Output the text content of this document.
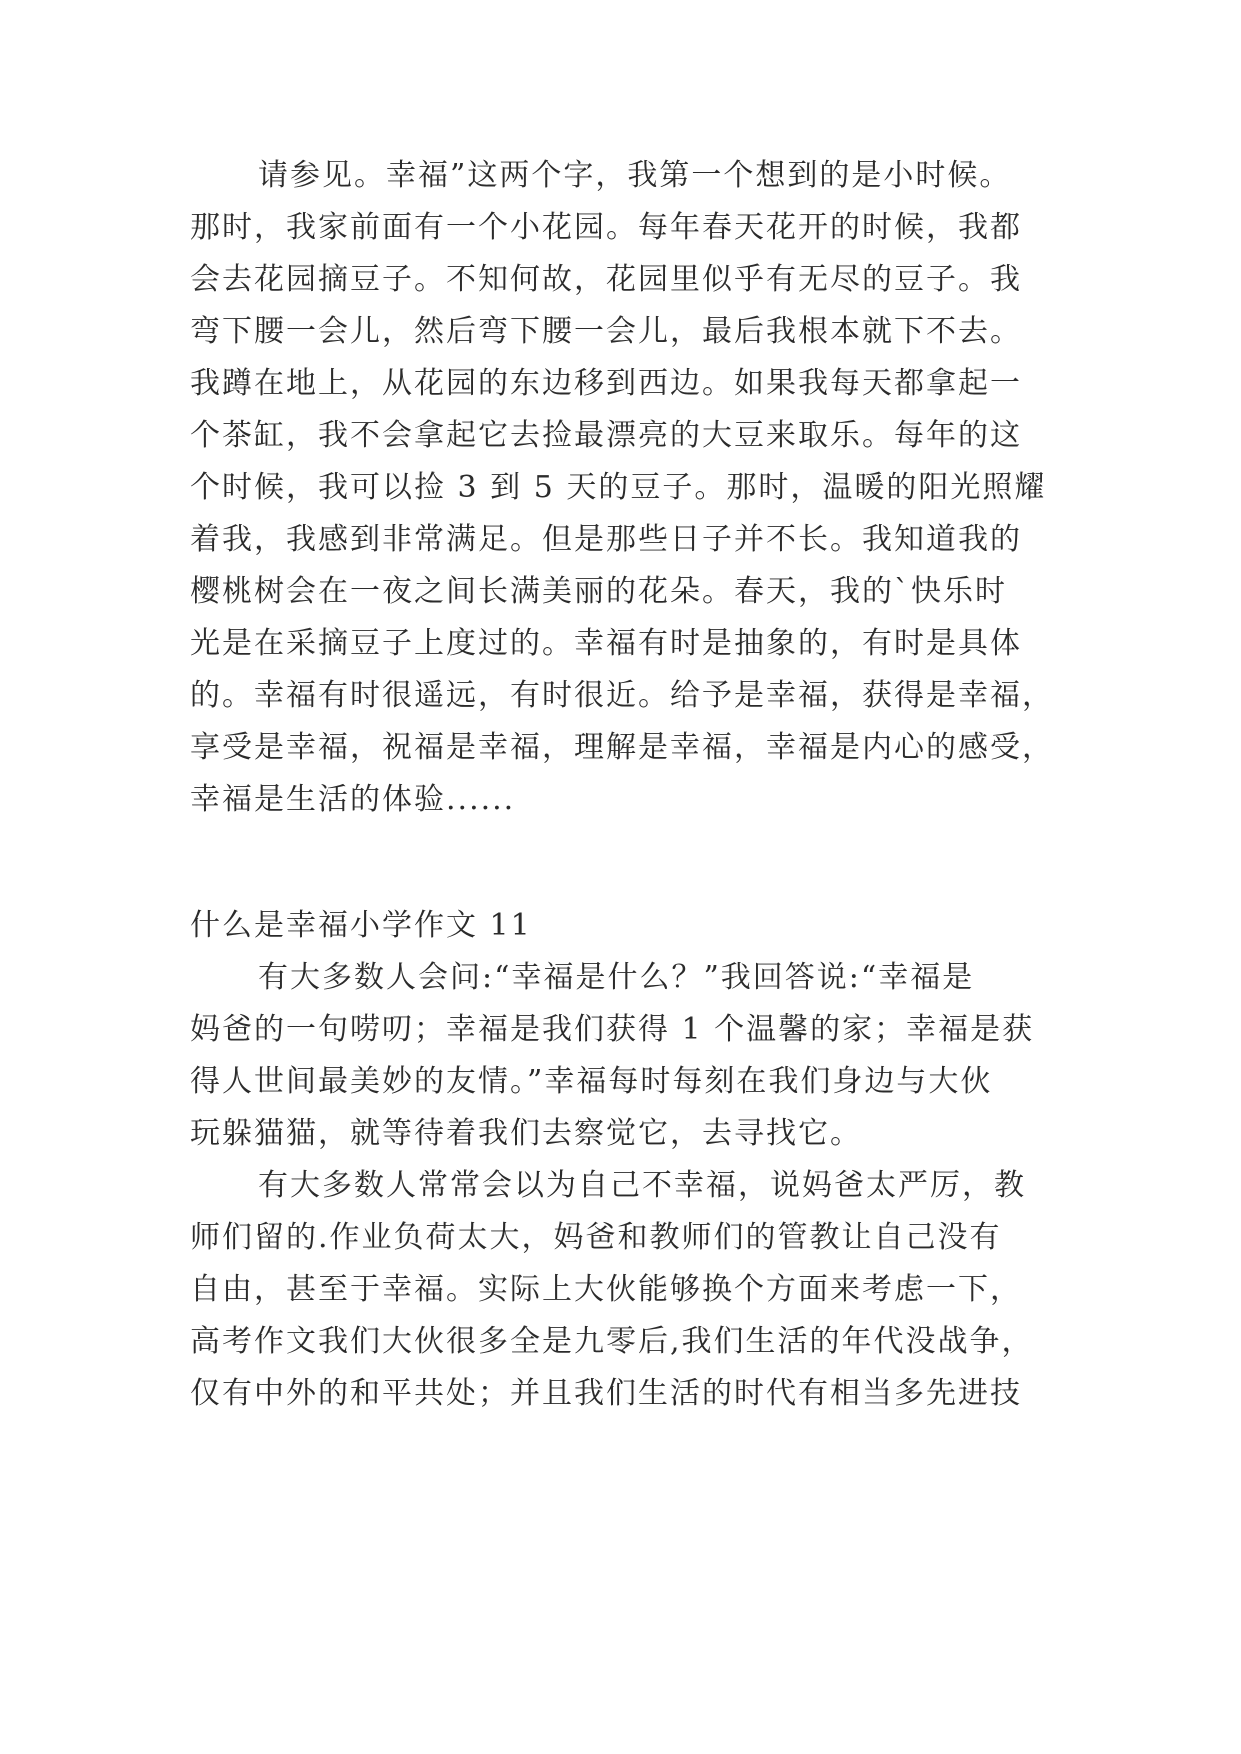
请参见。幸福”这两个字，我第一个想到的是小时候。
那时，我家前面有一个小花园。每年春天花开的时候，我都
会去花园摘豆子。不知何故，花园里似乎有无尽的豆子。我
弯下腰一会儿，然后弯下腰一会儿，最后我根本就下不去。
我蹲在地上，从花园的东边移到西边。如果我每天都拿起一
个茶缸，我不会拿起它去捡最漂亮的大豆来取乐。每年的这
个时候，我可以捡 3 到 5 天的豆子。那时，温暖的阳光照耀
着我，我感到非常满足。但是那些日子并不长。我知道我的
樱桃树会在一夜之间长满美丽的花朵。春天，我的`快乐时
光是在采摘豆子上度过的。幸福有时是抽象的，有时是具体
的。幸福有时很遥远，有时很近。给予是幸福，获得是幸福，
享受是幸福，祝福是幸福，理解是幸福，幸福是内心的感受，
幸福是生活的体验......
什么是幸福小学作文 11
有大多数人会问:“幸福是什么？”我回答说:“幸福是
妈爸的一句唠叨；幸福是我们获得 1 个温馨的家；幸福是获
得人世间最美妙的友情。”幸福每时每刻在我们身边与大伙
玩躲猫猫，就等待着我们去察觉它，去寻找它。
有大多数人常常会以为自己不幸福，说妈爸太严厉，教
师们留的.作业负荷太大，妈爸和教师们的管教让自己没有
自由，甚至于幸福。实际上大伙能够换个方面来考虑一下，
高考作文我们大伙很多全是九零后,我们生活的年代没战争，
仅有中外的和平共处；并且我们生活的时代有相当多先进技
